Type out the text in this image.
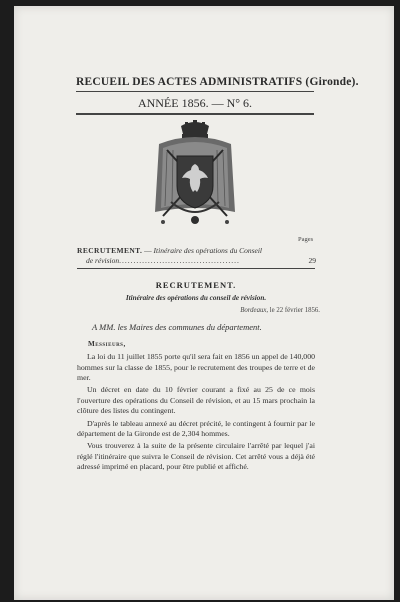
RECUEIL DES ACTES ADMINISTRATIFS (Gironde).
ANNÉE 1856. — N° 6.
Pages
RECRUTEMENT. — Itinéraire des opérations du Conseil
de révision..........................................	29
RECRUTEMENT.
Itinéraire des opérations du conseil de révision.
Bordeaux, le 22 février 1856.
A MM. les Maires des communes du département.
Messieurs,

La loi du 11 juillet 1855 porte qu'il sera fait en 1856 un appel de 140,000 hommes sur la classe de 1855, pour le recrutement des troupes de terre et de mer.

Un décret en date du 10 février courant a fixé au 25 de ce mois l'ouverture des opérations du Conseil de révision, et au 15 mars prochain la clôture des listes du contingent.

D'après le tableau annexé au décret précité, le contingent à fournir par le département de la Gironde est de 2,304 hommes.

Vous trouverez à la suite de la présente circulaire l'arrêté par lequel j'ai réglé l'itinéraire que suivra le Conseil de révision. Cet arrêté vous a déjà été adressé imprimé en placard, pour être publié et affiché.
